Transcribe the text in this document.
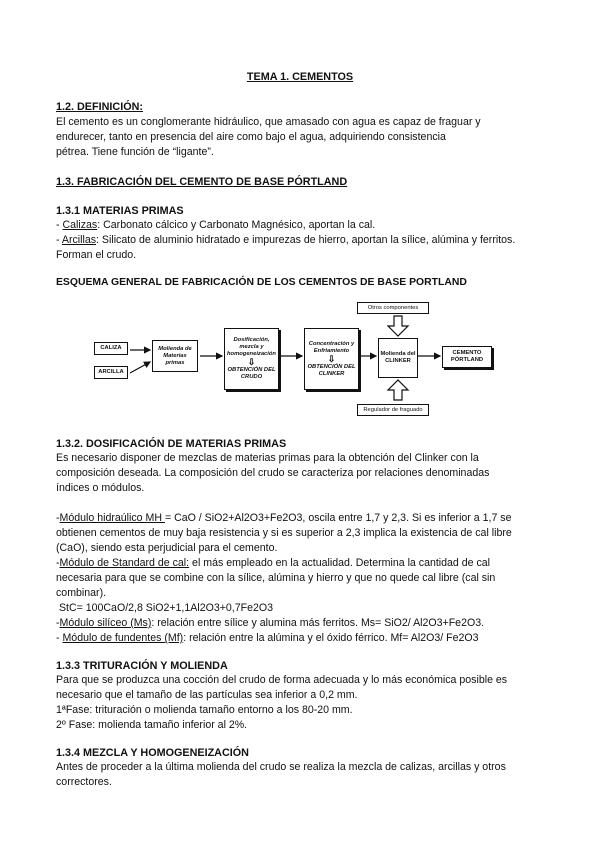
TEMA 1. CEMENTOS
1.2. DEFINICIÓN:

El cemento es un conglomerante hidráulico, que amasado con agua es capaz de fraguar y

endurecer, tanto en presencia del aire como bajo el agua, adquiriendo consistencia

pétrea. Tiene función de “ligante”.

1.3. FABRICACIÓN DEL CEMENTO DE BASE PÓRTLAND
1.3.1 MATERIAS PRIMAS

- Calizas: Carbonato cálcico y Carbonato Magnésico, aportan la cal.

- Arcillas: Silicato de aluminio hidratado e impurezas de hierro, aportan la sílice, alúmina y ferritos.

Forman el crudo.

ESQUEMA GENERAL DE FABRICACIÓN DE LOS CEMENTOS DE BASE PORTLAND
CALIZA
ARCILLA
Molienda de Materias primas
Dosificación, mezcla y homogeneización
⇩
OBTENCIÓN DEL CRUDO
Concentración y Enfriamiento
⇩
OBTENCIÓN DEL CLINKER
Molienda del CLINKER
CEMENTO PÓRTLAND
Otros componentes
Regulador de fraguado
1.3.2. DOSIFICACIÓN DE MATERIAS PRIMAS

Es necesario disponer de mezclas de materias primas para la obtención del Clinker con la

composición deseada. La composición del crudo se caracteriza por relaciones denominadas

índices o módulos.

-Módulo hidraúlico MH = CaO / SiO2+Al2O3+Fe2O3, oscila entre 1,7 y 2,3. Si es inferior a 1,7 se

obtienen cementos de muy baja resistencia y si es superior a 2,3 implica la existencia de cal libre

(CaO), siendo esta perjudicial para el cemento.

-Módulo de Standard de cal: el más empleado en la actualidad. Determina la cantidad de cal

necesaria para que se combine con la sílice, alúmina y hierro y que no quede cal libre (cal sin

combinar).

StC= 100CaO/2,8 SiO2+1,1Al2O3+0,7Fe2O3

-Módulo silíceo (Ms): relación entre sílice y alumina más ferritos. Ms= SiO2/ Al2O3+Fe2O3.

- Módulo de fundentes (Mf): relación entre la alúmina y el óxido férrico. Mf= Al2O3/ Fe2O3

1.3.3 TRITURACIÓN Y MOLIENDA

Para que se produzca una cocción del crudo de forma adecuada y lo más económica posible es

necesario que el tamaño de las partículas sea inferior a 0,2 mm.

1ªFase: trituración o molienda tamaño entorno a los 80-20 mm.

2º Fase: molienda tamaño inferior al 2%.

1.3.4 MEZCLA Y HOMOGENEIZACIÓN

Antes de proceder a la última molienda del crudo se realiza la mezcla de calizas, arcillas y otros

correctores.
